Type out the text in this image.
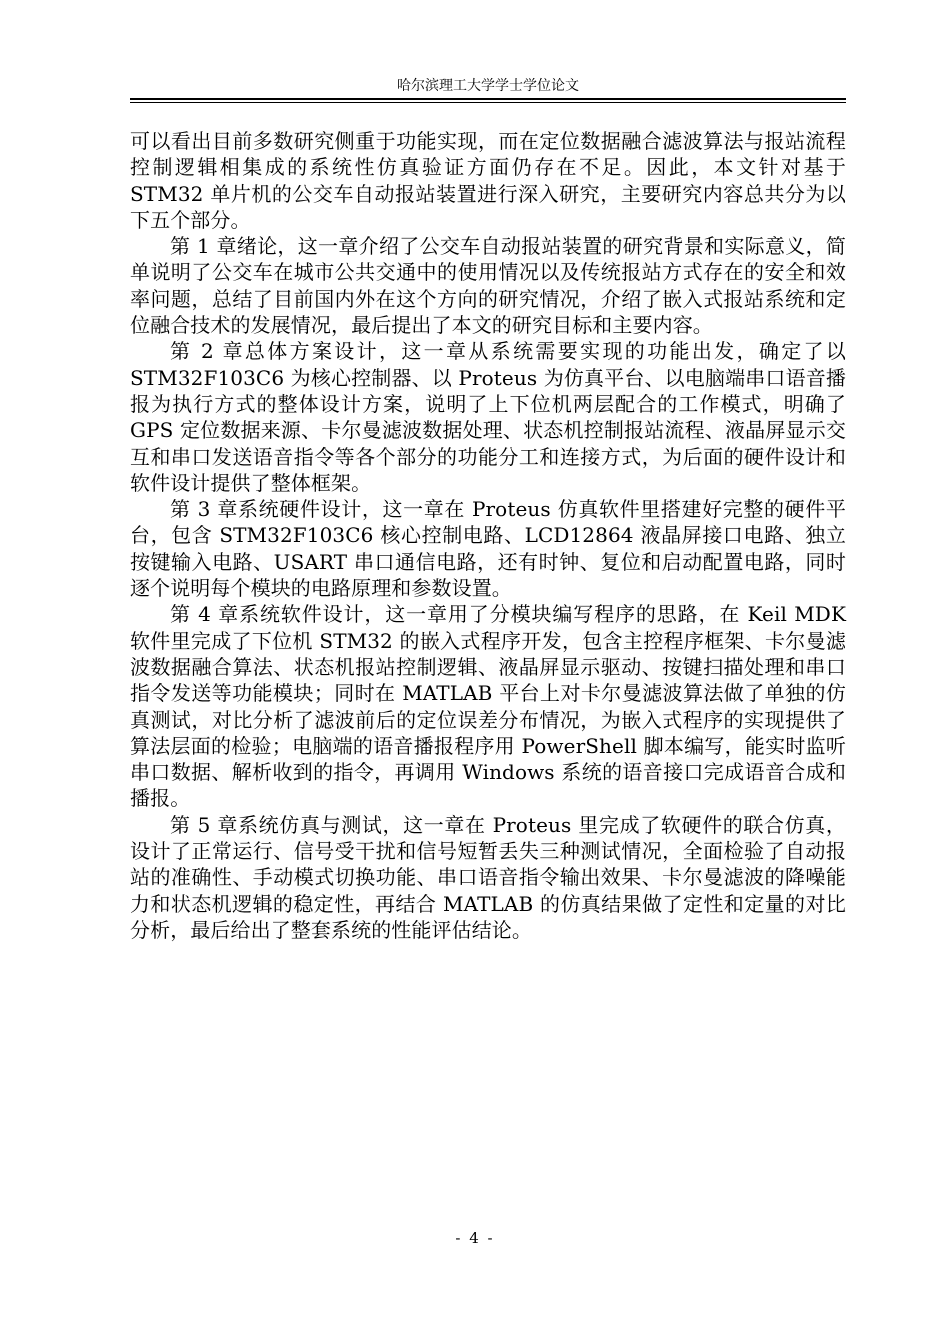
哈尔滨理工大学学士学位论文

可以看出目前多数研究侧重于功能实现，而在定位数据融合滤波算法与报站流程控制逻辑相集成的系统性仿真验证方面仍存在不足。因此，本文针对基于 STM32 单片机的公交车自动报站装置进行深入研究，主要研究内容总共分为以下五个部分。

第 1 章绪论，这一章介绍了公交车自动报站装置的研究背景和实际意义，简单说明了公交车在城市公共交通中的使用情况以及传统报站方式存在的安全和效率问题，总结了目前国内外在这个方向的研究情况，介绍了嵌入式报站系统和定位融合技术的发展情况，最后提出了本文的研究目标和主要内容。

第 2 章总体方案设计，这一章从系统需要实现的功能出发，确定了以 STM32F103C6 为核心控制器、以 Proteus 为仿真平台、以电脑端串口语音播报为执行方式的整体设计方案，说明了上下位机两层配合的工作模式，明确了 GPS 定位数据来源、卡尔曼滤波数据处理、状态机控制报站流程、液晶屏显示交互和串口发送语音指令等各个部分的功能分工和连接方式，为后面的硬件设计和软件设计提供了整体框架。

第 3 章系统硬件设计，这一章在 Proteus 仿真软件里搭建好完整的硬件平台，包含 STM32F103C6 核心控制电路、LCD12864 液晶屏接口电路、独立按键输入电路、USART 串口通信电路，还有时钟、复位和启动配置电路，同时逐个说明每个模块的电路原理和参数设置。

第 4 章系统软件设计，这一章用了分模块编写程序的思路，在 Keil MDK 软件里完成了下位机 STM32 的嵌入式程序开发，包含主控程序框架、卡尔曼滤波数据融合算法、状态机报站控制逻辑、液晶屏显示驱动、按键扫描处理和串口指令发送等功能模块；同时在 MATLAB 平台上对卡尔曼滤波算法做了单独的仿真测试，对比分析了滤波前后的定位误差分布情况，为嵌入式程序的实现提供了算法层面的检验；电脑端的语音播报程序用 PowerShell 脚本编写，能实时监听串口数据、解析收到的指令，再调用 Windows 系统的语音接口完成语音合成和播报。

第 5 章系统仿真与测试，这一章在 Proteus 里完成了软硬件的联合仿真，设计了正常运行、信号受干扰和信号短暂丢失三种测试情况，全面检验了自动报站的准确性、手动模式切换功能、串口语音指令输出效果、卡尔曼滤波的降噪能力和状态机逻辑的稳定性，再结合 MATLAB 的仿真结果做了定性和定量的对比分析，最后给出了整套系统的性能评估结论。

- 4 -
